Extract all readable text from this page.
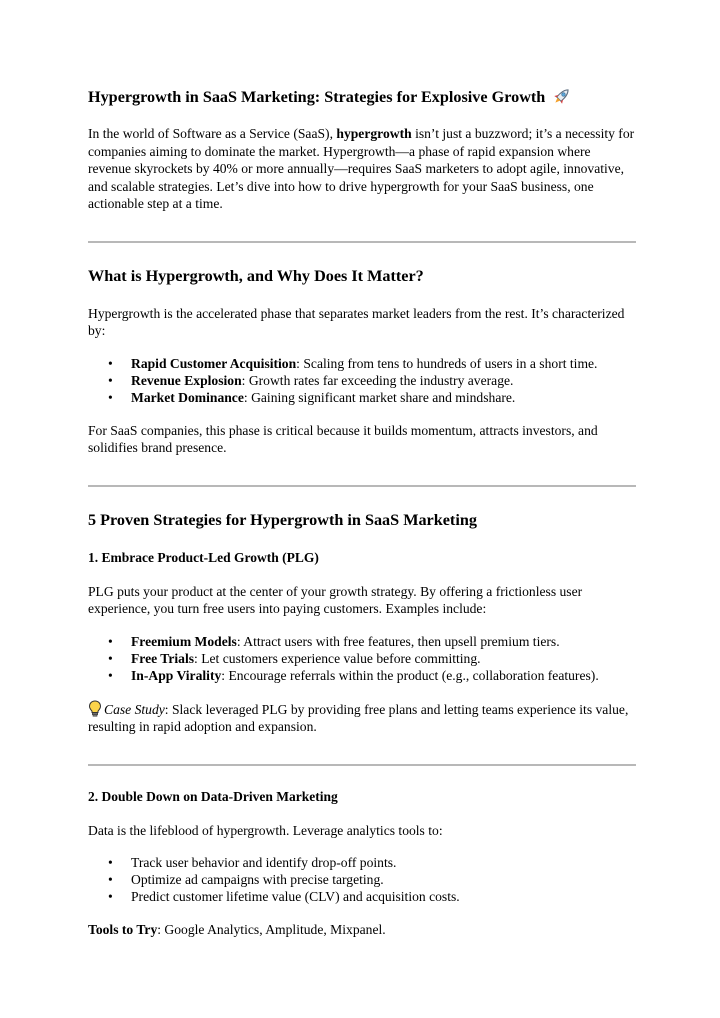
Hypergrowth in SaaS Marketing: Strategies for Explosive Growth

In the world of Software as a Service (SaaS), hypergrowth isn’t just a buzzword; it’s a necessity for companies aiming to dominate the market. Hypergrowth—a phase of rapid expansion where revenue skyrockets by 40% or more annually—requires SaaS marketers to adopt agile, innovative, and scalable strategies. Let’s dive into how to drive hypergrowth for your SaaS business, one actionable step at a time.

What is Hypergrowth, and Why Does It Matter?

Hypergrowth is the accelerated phase that separates market leaders from the rest. It’s characterized by:

• Rapid Customer Acquisition: Scaling from tens to hundreds of users in a short time.
• Revenue Explosion: Growth rates far exceeding the industry average.
• Market Dominance: Gaining significant market share and mindshare.

For SaaS companies, this phase is critical because it builds momentum, attracts investors, and solidifies brand presence.

5 Proven Strategies for Hypergrowth in SaaS Marketing
1. Embrace Product-Led Growth (PLG)

PLG puts your product at the center of your growth strategy. By offering a frictionless user experience, you turn free users into paying customers. Examples include:

• Freemium Models: Attract users with free features, then upsell premium tiers.
• Free Trials: Let customers experience value before committing.
• In-App Virality: Encourage referrals within the product (e.g., collaboration features).

Case Study: Slack leveraged PLG by providing free plans and letting teams experience its value, resulting in rapid adoption and expansion.

2. Double Down on Data-Driven Marketing

Data is the lifeblood of hypergrowth. Leverage analytics tools to:

• Track user behavior and identify drop-off points.
• Optimize ad campaigns with precise targeting.
• Predict customer lifetime value (CLV) and acquisition costs.

Tools to Try: Google Analytics, Amplitude, Mixpanel.
